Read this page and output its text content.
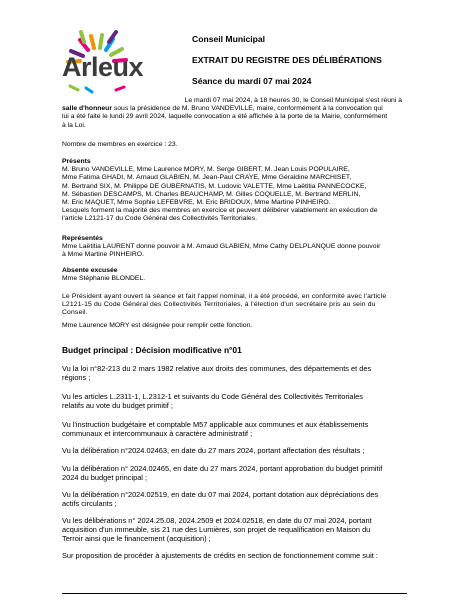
Arleux
Conseil Municipal
EXTRAIT DU REGISTRE DES DÉLIBÉRATIONS
Séance du mardi 07 mai 2024

Le mardi 07 mai 2024, à 18 heures 30, le Conseil Municipal s'est réuni à

salle d'honneur sous la présidence de M. Bruno VANDEVILLE, maire, conformément à la convocation qui

lui a été faite le lundi 29 avril 2024, laquelle convocation a été affichée à la porte de la Mairie, conformément

à la Loi.

Nombre de membres en exercice : 23.

Présents

M. Bruno VANDEVILLE, Mme Laurence MORY, M. Serge GIBERT, M. Jean Louis POPULAIRE,

Mme Fatima GHADI, M. Arnaud GLABIEN, M. Jean-Paul CRAYE, Mme Géraldine MARCHISET,

M. Bertrand SIX, M. Philippe DE GUBERNATIS, M. Ludovic VALETTE, Mme Laëtitia PANNECOCKE,

M. Sébastien DESCAMPS, M. Charles BEAUCHAMP, M. Gilles COQUELLE, M. Bertrand MERLIN,

M. Eric MAQUET, Mme Sophie LEFEBVRE, M. Eric BRIDOUX, Mme Martine PINHEIRO.

Lesquels forment la majorité des membres en exercice et peuvent délibérer valablement en exécution de

l'article L2121-17 du Code Général des Collectivités Territoriales.

Représentés

Mme Laëtitia LAURENT donne pouvoir à M. Arnaud GLABIEN, Mme Cathy DELPLANQUE donne pouvoir

à Mme Martine PINHEIRO.

Absente excusée

Mme Stéphanie BLONDEL.

Le Président ayant ouvert la séance et fait l'appel nominal, il a été procédé, en conformité avec l'article

L2121-15 du Code Général des Collectivités Territoriales, à l'élection d'un secrétaire pris au sein du

Conseil.

Mme Laurence MORY est désignée pour remplir cette fonction.
Budget principal : Décision modificative n°01
Vu la loi n°82-213 du 2 mars 1982 relative aux droits des communes, des départements et des
régions ;
Vu les articles L.2311-1, L.2312-1 et suivants du Code Général des Collectivités Territoriales
relatifs au vote du budget primitif ;
Vu l'instruction budgétaire et comptable M57 applicable aux communes et aux établissements
communaux et intercommunaux à caractère administratif ;
Vu la délibération n°2024.02463, en date du 27 mars 2024, portant affectation des résultats ;
Vu la délibération n° 2024.02465, en date du 27 mars 2024, portant approbation du budget primitif
2024 du budget principal ;
Vu la délibération n°2024.02519, en date du 07 mai 2024, portant dotation aux dépréciations des
actifs circulants ;
Vu les délibérations n° 2024.25.08, 2024.2509 et 2024.02518, en date du 07 mai 2024, portant
acquisition d'un immeuble, sis 21 rue des Lumières, son projet de requalification en Maison du
Terroir ainsi que le financement (acquisition) ;
Sur proposition de procéder à ajustements de crédits en section de fonctionnement comme suit :
